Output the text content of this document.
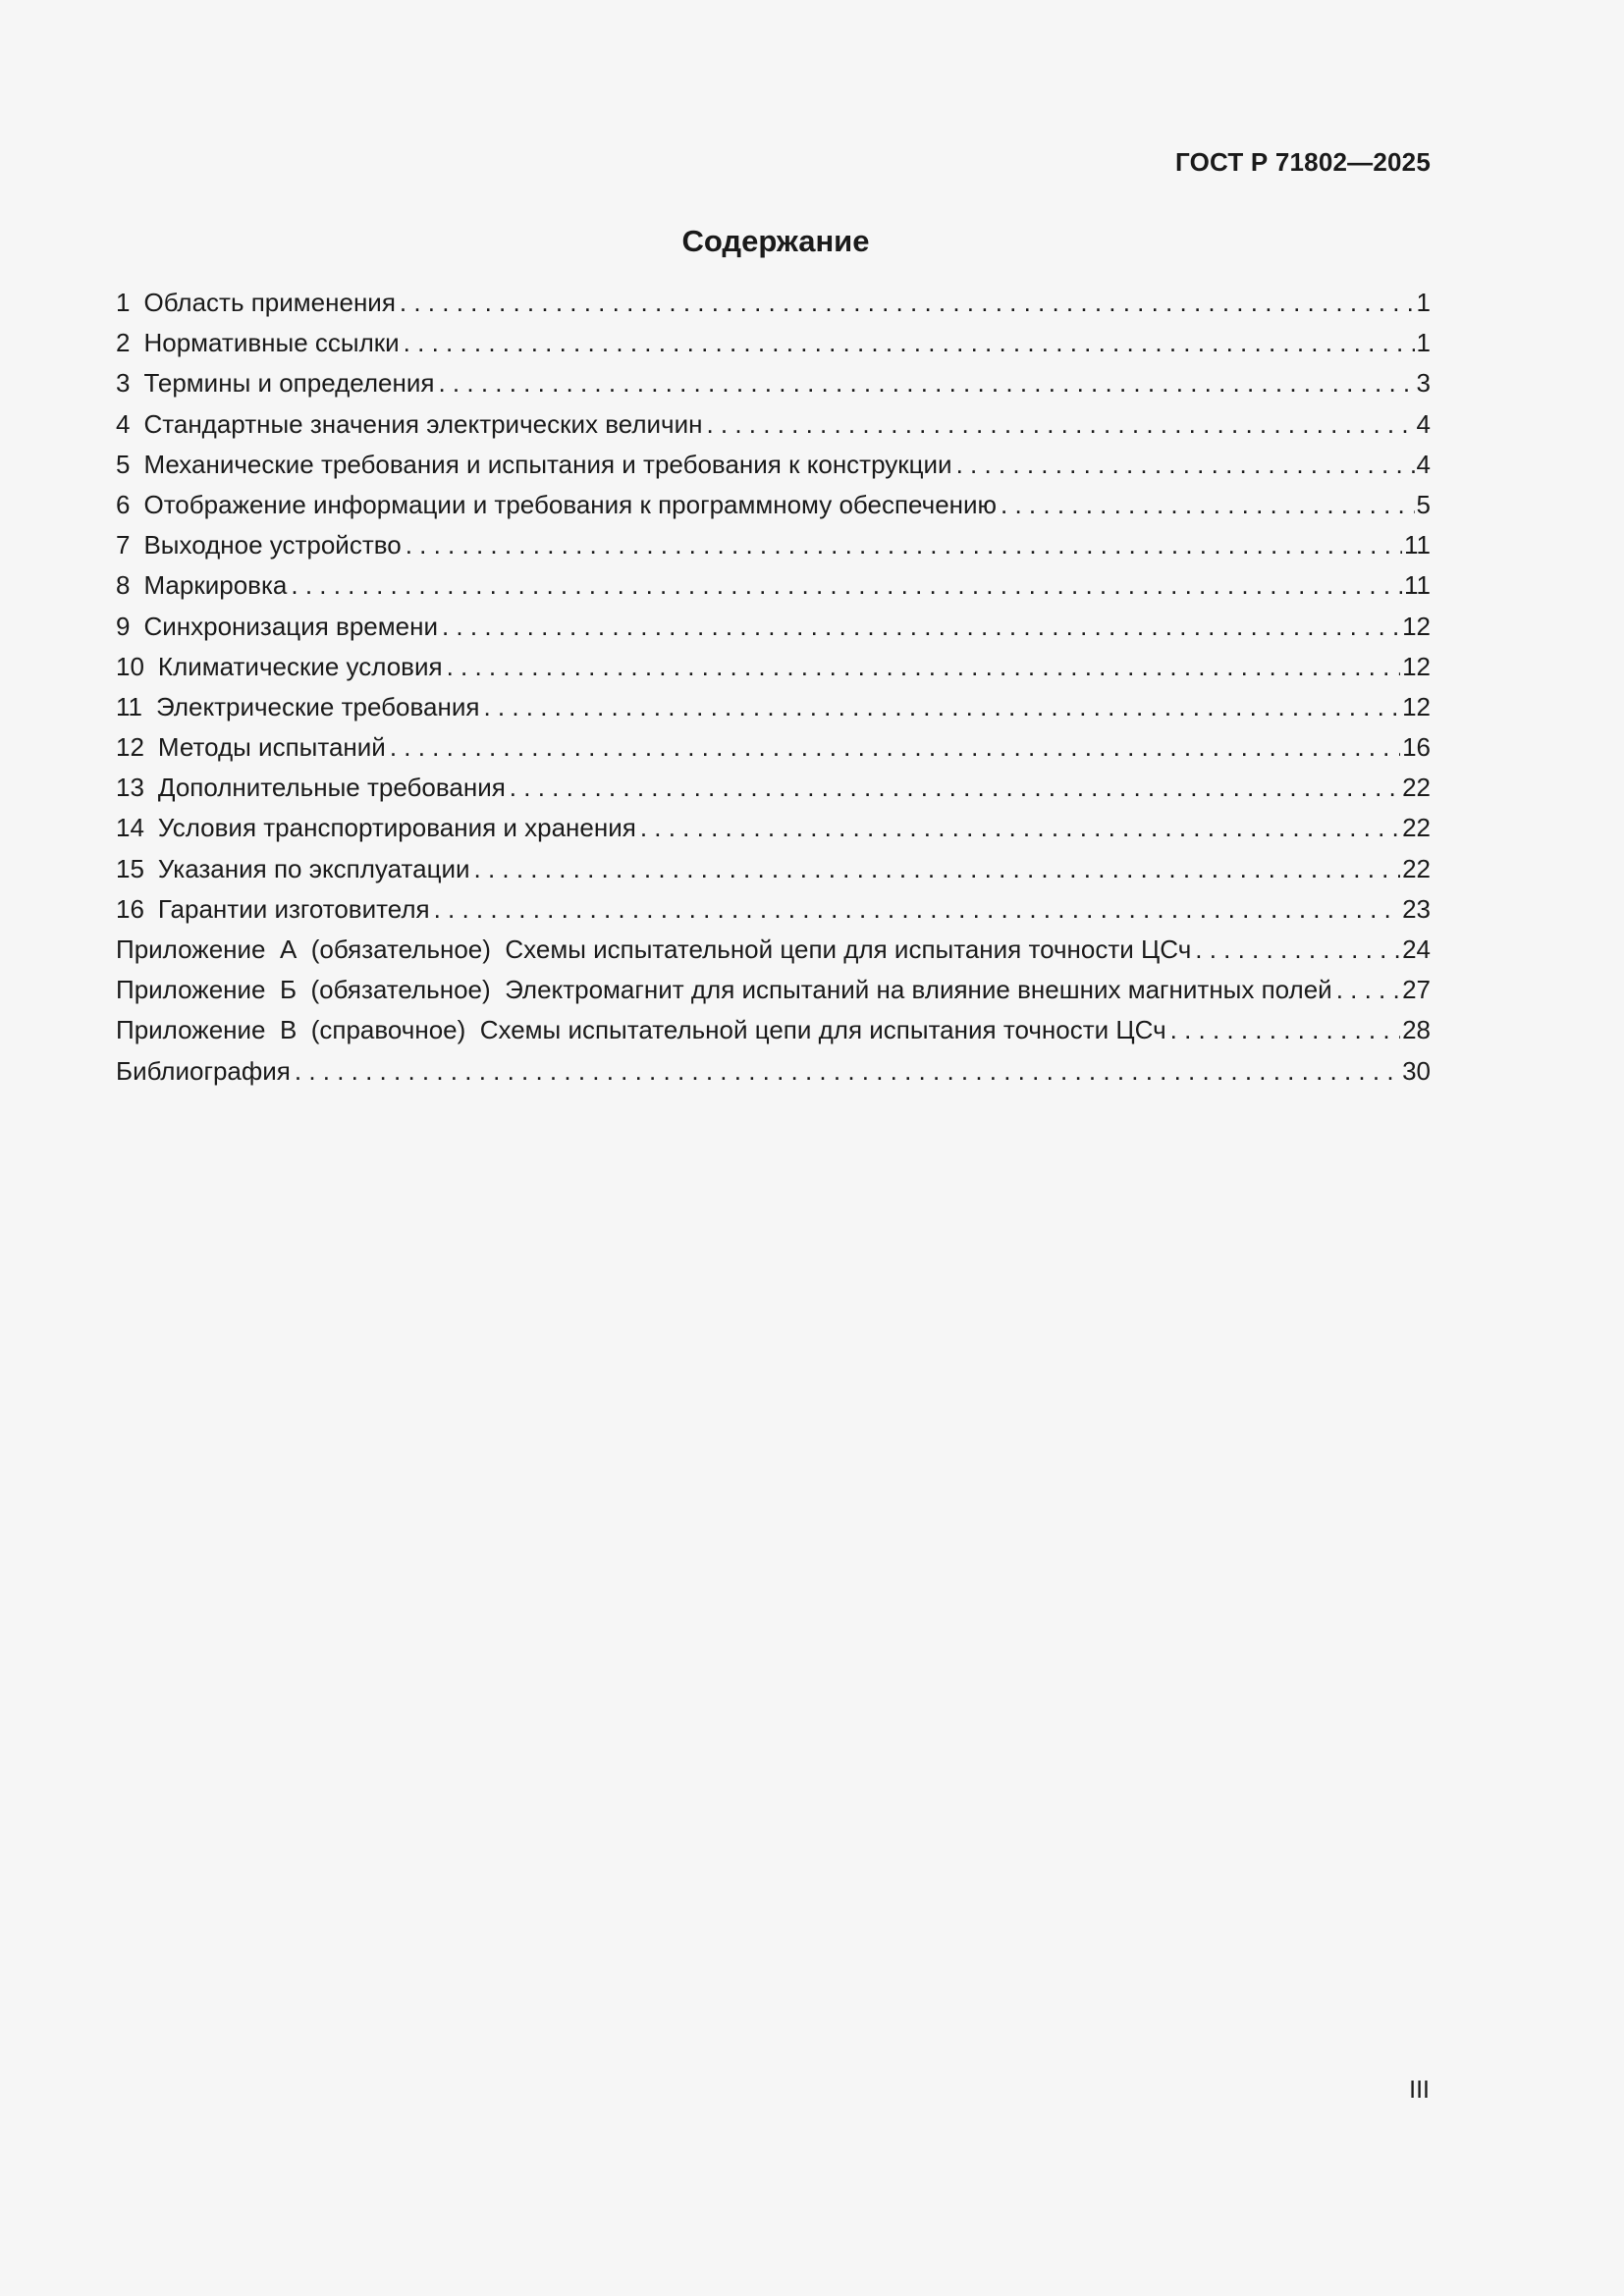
ГОСТ Р 71802—2025
Содержание
1 Область применения . . .	1
2 Нормативные ссылки . . .	1
3 Термины и определения . . .	3
4 Стандартные значения электрических величин . . .	4
5 Механические требования и испытания и требования к конструкции . . .	4
6 Отображение информации и требования к программному обеспечению . . .	5
7 Выходное устройство . . .	11
8 Маркировка . . .	11
9 Синхронизация времени . . .	12
10 Климатические условия . . .	12
11 Электрические требования . . .	12
12 Методы испытаний . . .	16
13 Дополнительные требования . . .	22
14 Условия транспортирования и хранения . . .	22
15 Указания по эксплуатации . . .	22
16 Гарантии изготовителя . . .	23
Приложение  А  (обязательное)  Схемы испытательной цепи для испытания точности ЦСч . . .	24
Приложение  Б  (обязательное)  Электромагнит для испытаний на влияние внешних магнитных полей . . .	27
Приложение  В  (справочное)  Схемы испытательной цепи для испытания точности ЦСч . . .	28
Библиография . . .	30
III
